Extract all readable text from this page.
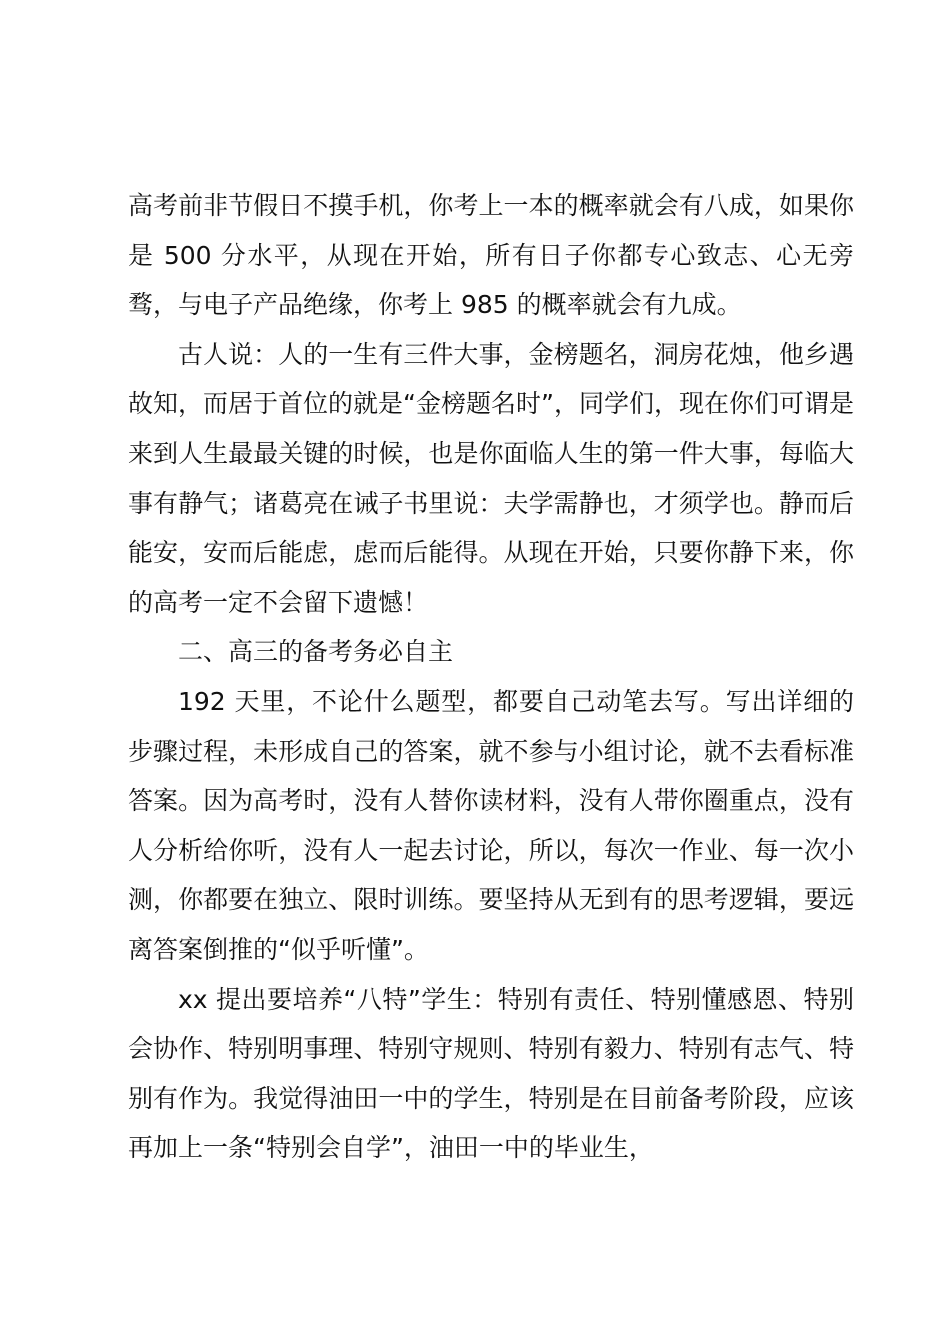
高考前非节假日不摸手机，你考上一本的概率就会有八成，如果你是 500 分水平，从现在开始，所有日子你都专心致志、心无旁骛，与电子产品绝缘，你考上 985 的概率就会有九成。

古人说：人的一生有三件大事，金榜题名，洞房花烛，他乡遇故知，而居于首位的就是“金榜题名时”，同学们，现在你们可谓是来到人生最最关键的时候，也是你面临人生的第一件大事，每临大事有静气；诸葛亮在诫子书里说：夫学需静也，才须学也。静而后能安，安而后能虑，虑而后能得。从现在开始，只要你静下来，你的高考一定不会留下遗憾！

二、高三的备考务必自主

192 天里，不论什么题型，都要自己动笔去写。写出详细的步骤过程，未形成自己的答案，就不参与小组讨论，就不去看标准答案。因为高考时，没有人替你读材料，没有人带你圈重点，没有人分析给你听，没有人一起去讨论，所以，每次一作业、每一次小测，你都要在独立、限时训练。要坚持从无到有的思考逻辑，要远离答案倒推的“似乎听懂”。

xx 提出要培养“八特”学生：特别有责任、特别懂感恩、特别会协作、特别明事理、特别守规则、特别有毅力、特别有志气、特别有作为。我觉得油田一中的学生，特别是在目前备考阶段，应该再加上一条“特别会自学”，油田一中的毕业生，
